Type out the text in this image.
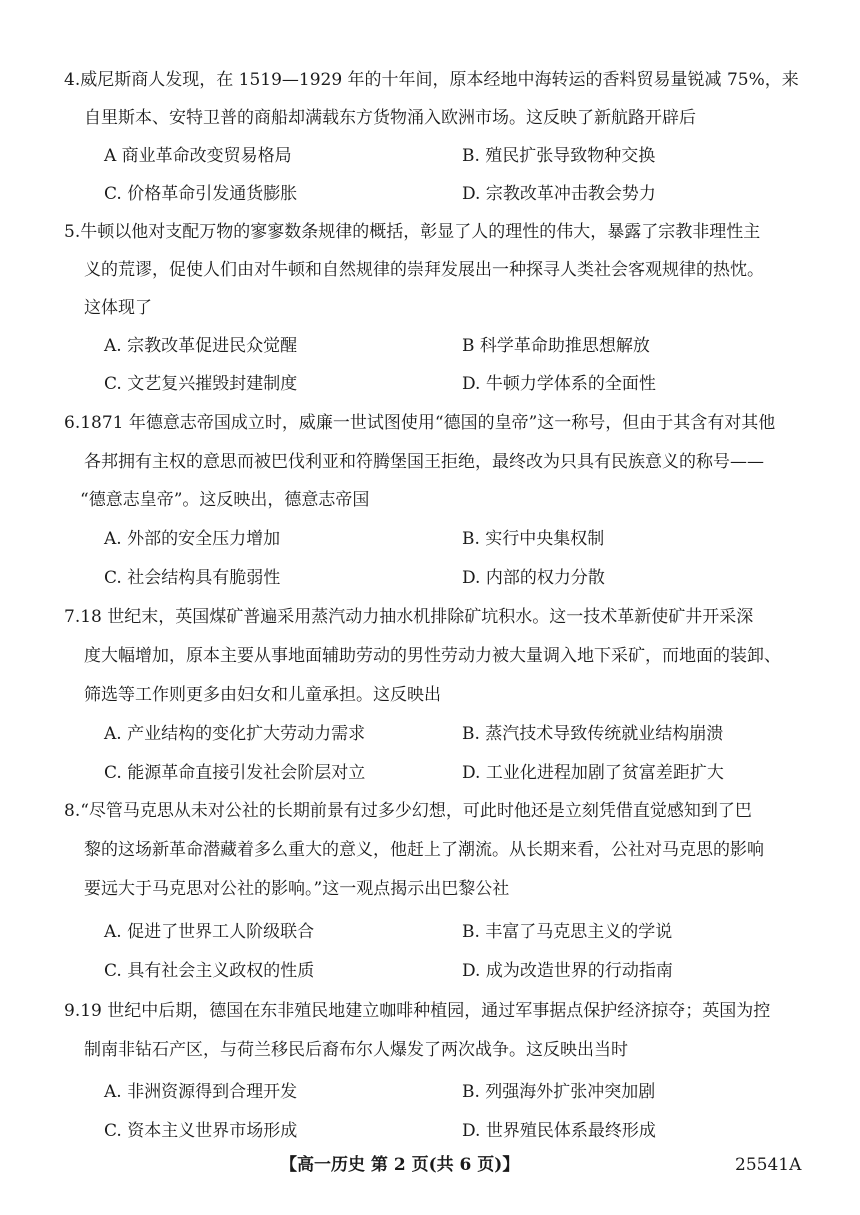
4.威尼斯商人发现，在 1519—1929 年的十年间，原本经地中海转运的香料贸易量锐减 75%，来
自里斯本、安特卫普的商船却满载东方货物涌入欧洲市场。这反映了新航路开辟后
A 商业革命改变贸易格局	B. 殖民扩张导致物种交换
C. 价格革命引发通货膨胀	D. 宗教改革冲击教会势力
5.牛顿以他对支配万物的寥寥数条规律的概括，彰显了人的理性的伟大，暴露了宗教非理性主
义的荒谬，促使人们由对牛顿和自然规律的崇拜发展出一种探寻人类社会客观规律的热忱。
这体现了
A. 宗教改革促进民众觉醒	B 科学革命助推思想解放
C. 文艺复兴摧毁封建制度	D. 牛顿力学体系的全面性
6.1871 年德意志帝国成立时，威廉一世试图使用“德国的皇帝”这一称号，但由于其含有对其他
各邦拥有主权的意思而被巴伐利亚和符腾堡国王拒绝，最终改为只具有民族意义的称号——
“德意志皇帝”。这反映出，德意志帝国
A. 外部的安全压力增加	B. 实行中央集权制
C. 社会结构具有脆弱性	D. 内部的权力分散
7.18 世纪末，英国煤矿普遍采用蒸汽动力抽水机排除矿坑积水。这一技术革新使矿井开采深
度大幅增加，原本主要从事地面辅助劳动的男性劳动力被大量调入地下采矿，而地面的装卸、
筛选等工作则更多由妇女和儿童承担。这反映出
A. 产业结构的变化扩大劳动力需求	B. 蒸汽技术导致传统就业结构崩溃
C. 能源革命直接引发社会阶层对立	D. 工业化进程加剧了贫富差距扩大
8.“尽管马克思从未对公社的长期前景有过多少幻想，可此时他还是立刻凭借直觉感知到了巴
黎的这场新革命潜藏着多么重大的意义，他赶上了潮流。从长期来看，公社对马克思的影响
要远大于马克思对公社的影响。”这一观点揭示出巴黎公社
A. 促进了世界工人阶级联合	B. 丰富了马克思主义的学说
C. 具有社会主义政权的性质	D. 成为改造世界的行动指南
9.19 世纪中后期，德国在东非殖民地建立咖啡种植园，通过军事据点保护经济掠夺；英国为控
制南非钻石产区，与荷兰移民后裔布尔人爆发了两次战争。这反映出当时
A. 非洲资源得到合理开发	B. 列强海外扩张冲突加剧
C. 资本主义世界市场形成	D. 世界殖民体系最终形成
【高一历史 第 2 页(共 6 页)】	25541A
